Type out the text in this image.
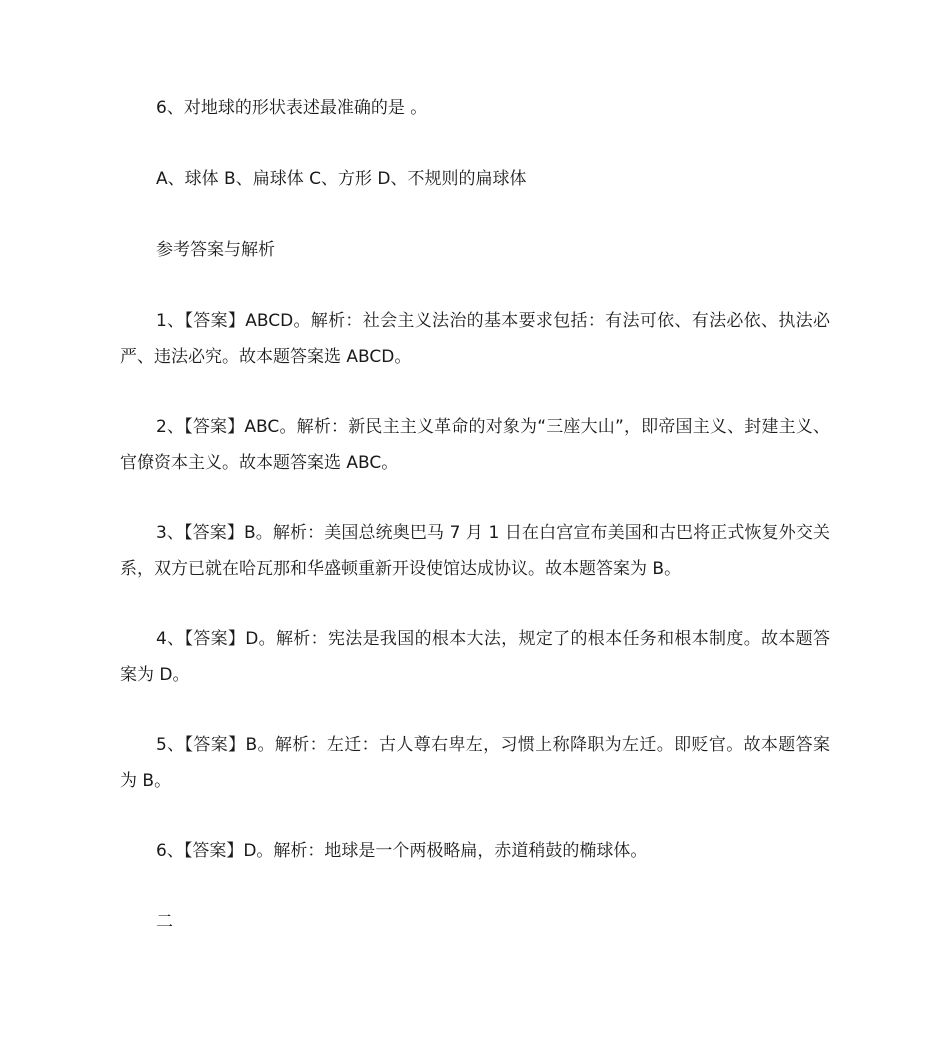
6、对地球的形状表述最准确的是 。

A、球体 B、扁球体 C、方形 D、不规则的扁球体

参考答案与解析

1、【答案】ABCD。解析：社会主义法治的基本要求包括：有法可依、有法必依、执法必严、违法必究。故本题答案选 ABCD。

2、【答案】ABC。解析：新民主主义革命的对象为“三座大山”，即帝国主义、封建主义、官僚资本主义。故本题答案选 ABC。

3、【答案】B。解析：美国总统奥巴马 7 月 1 日在白宫宣布美国和古巴将正式恢复外交关系，双方已就在哈瓦那和华盛顿重新开设使馆达成协议。故本题答案为 B。

4、【答案】D。解析：宪法是我国的根本大法，规定了的根本任务和根本制度。故本题答案为 D。

5、【答案】B。解析：左迁：古人尊右卑左，习惯上称降职为左迁。即贬官。故本题答案为 B。

6、【答案】D。解析：地球是一个两极略扁，赤道稍鼓的椭球体。

二
